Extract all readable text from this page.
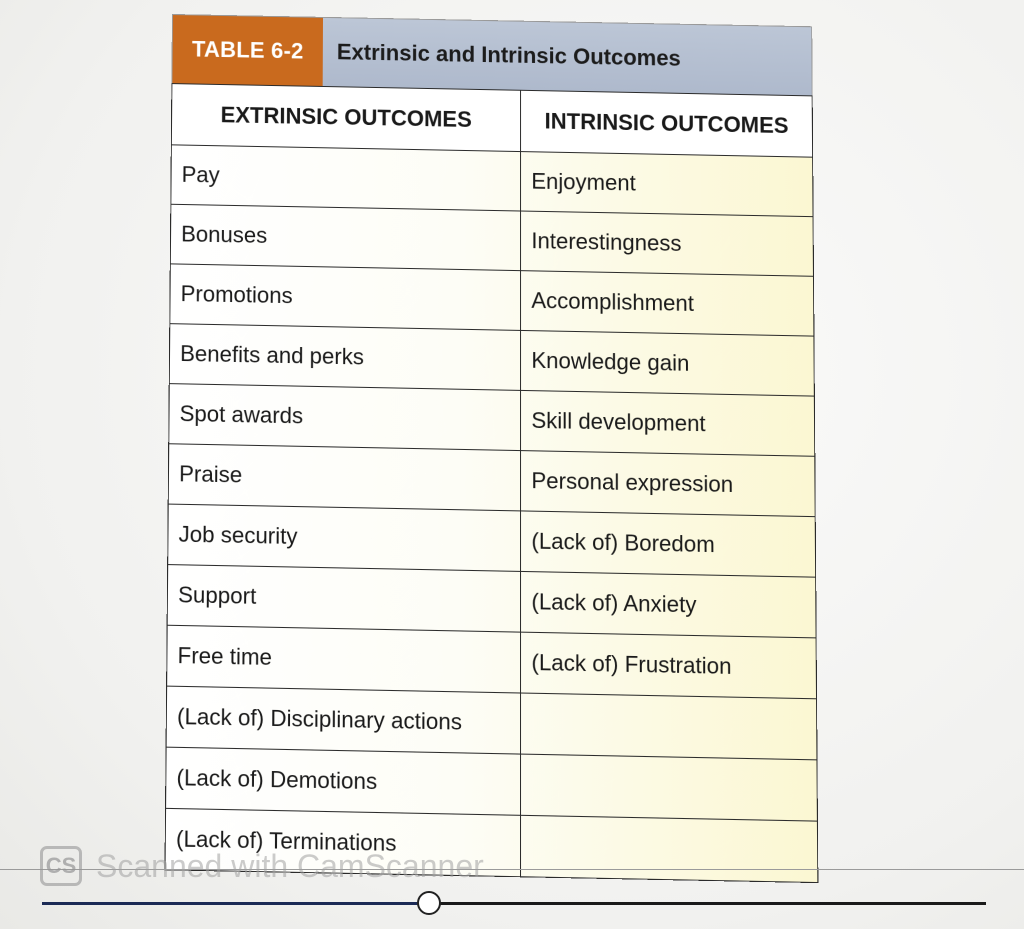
TABLE 6-2	Extrinsic and Intrinsic Outcomes
EXTRINSIC OUTCOMES	INTRINSIC OUTCOMES
Pay	Enjoyment
Bonuses	Interestingness
Promotions	Accomplishment
Benefits and perks	Knowledge gain
Spot awards	Skill development
Praise	Personal expression
Job security	(Lack of) Boredom
Support	(Lack of) Anxiety
Free time	(Lack of) Frustration
(Lack of) Disciplinary actions	
(Lack of) Demotions	
(Lack of) Terminations	
CS Scanned with CamScanner
